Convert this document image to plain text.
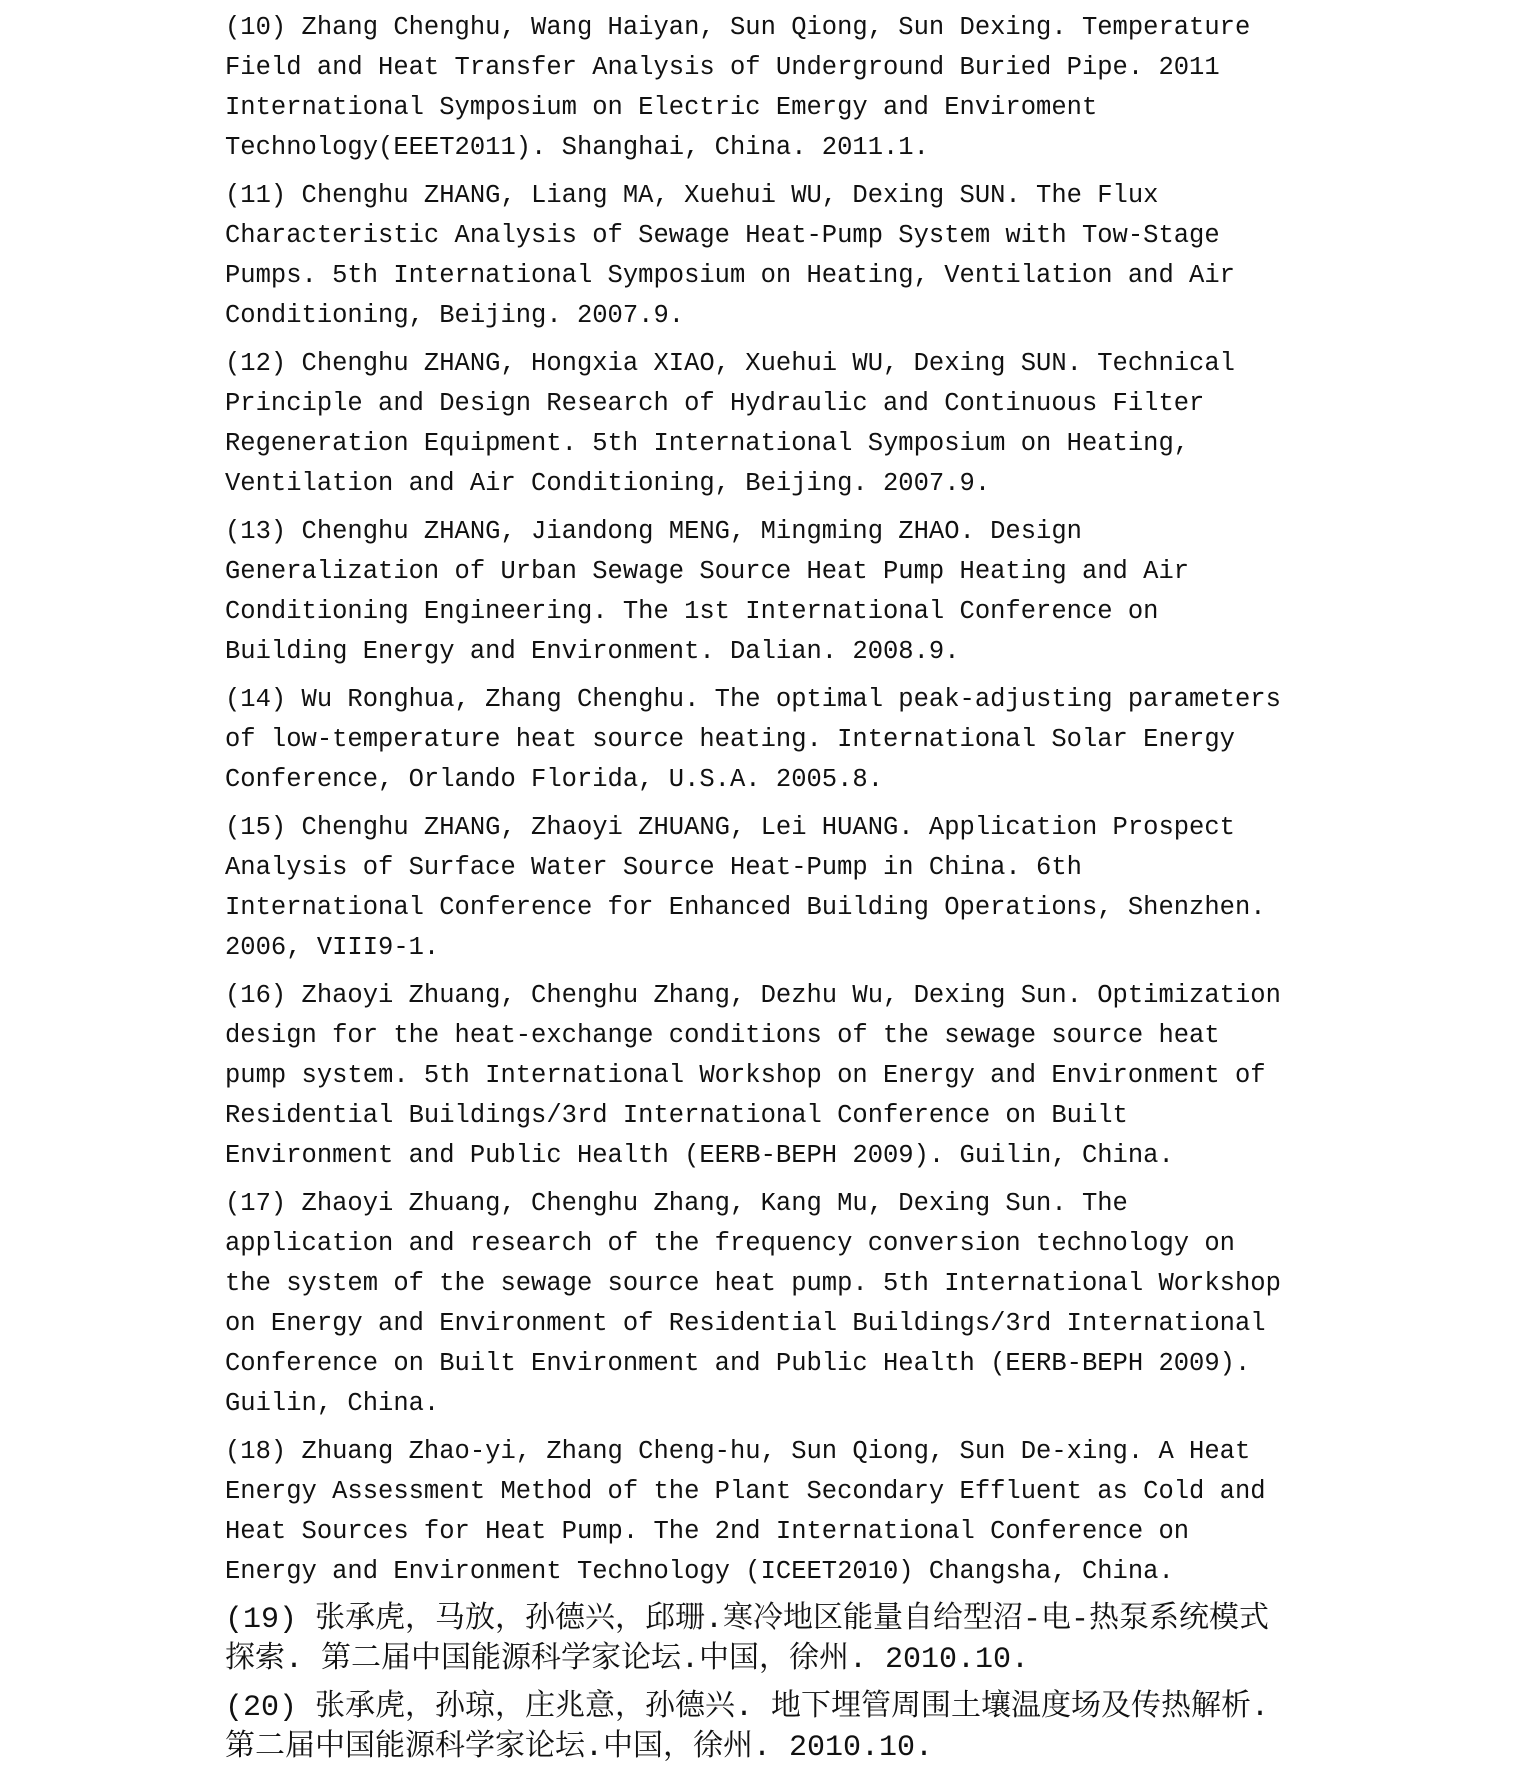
(10) Zhang Chenghu, Wang Haiyan, Sun Qiong, Sun Dexing. Temperature
Field and Heat Transfer Analysis of Underground Buried Pipe. 2011
International Symposium on Electric Emergy and Enviroment
Technology(EEET2011). Shanghai, China. 2011.1.
(11) Chenghu ZHANG, Liang MA, Xuehui WU, Dexing SUN. The Flux
Characteristic Analysis of Sewage Heat-Pump System with Tow-Stage
Pumps. 5th International Symposium on Heating, Ventilation and Air
Conditioning, Beijing. 2007.9.
(12) Chenghu ZHANG, Hongxia XIAO, Xuehui WU, Dexing SUN. Technical
Principle and Design Research of Hydraulic and Continuous Filter
Regeneration Equipment. 5th International Symposium on Heating,
Ventilation and Air Conditioning, Beijing. 2007.9.
(13) Chenghu ZHANG, Jiandong MENG, Mingming ZHAO. Design
Generalization of Urban Sewage Source Heat Pump Heating and Air
Conditioning Engineering. The 1st International Conference on
Building Energy and Environment. Dalian. 2008.9.
(14) Wu Ronghua, Zhang Chenghu. The optimal peak-adjusting parameters
of low-temperature heat source heating. International Solar Energy
Conference, Orlando Florida, U.S.A. 2005.8.
(15) Chenghu ZHANG, Zhaoyi ZHUANG, Lei HUANG. Application Prospect
Analysis of Surface Water Source Heat-Pump in China. 6th
International Conference for Enhanced Building Operations, Shenzhen.
2006, VIII9-1.
(16) Zhaoyi Zhuang, Chenghu Zhang, Dezhu Wu, Dexing Sun. Optimization
design for the heat-exchange conditions of the sewage source heat
pump system. 5th International Workshop on Energy and Environment of
Residential Buildings/3rd International Conference on Built
Environment and Public Health (EERB-BEPH 2009). Guilin, China.
(17) Zhaoyi Zhuang, Chenghu Zhang, Kang Mu, Dexing Sun. The
application and research of the frequency conversion technology on
the system of the sewage source heat pump. 5th International Workshop
on Energy and Environment of Residential Buildings/3rd International
Conference on Built Environment and Public Health (EERB-BEPH 2009).
Guilin, China.
(18) Zhuang Zhao-yi, Zhang Cheng-hu, Sun Qiong, Sun De-xing. A Heat
Energy Assessment Method of the Plant Secondary Effluent as Cold and
Heat Sources for Heat Pump. The 2nd International Conference on
Energy and Environment Technology (ICEET2010) Changsha, China.
(19) 张承虎，马放，孙德兴，邱珊.寒冷地区能量自给型沼-电-热泵系统模式
探索. 第二届中国能源科学家论坛.中国，徐州. 2010.10.
(20) 张承虎，孙琼，庄兆意，孙德兴. 地下埋管周围土壤温度场及传热解析.
第二届中国能源科学家论坛.中国，徐州. 2010.10.
